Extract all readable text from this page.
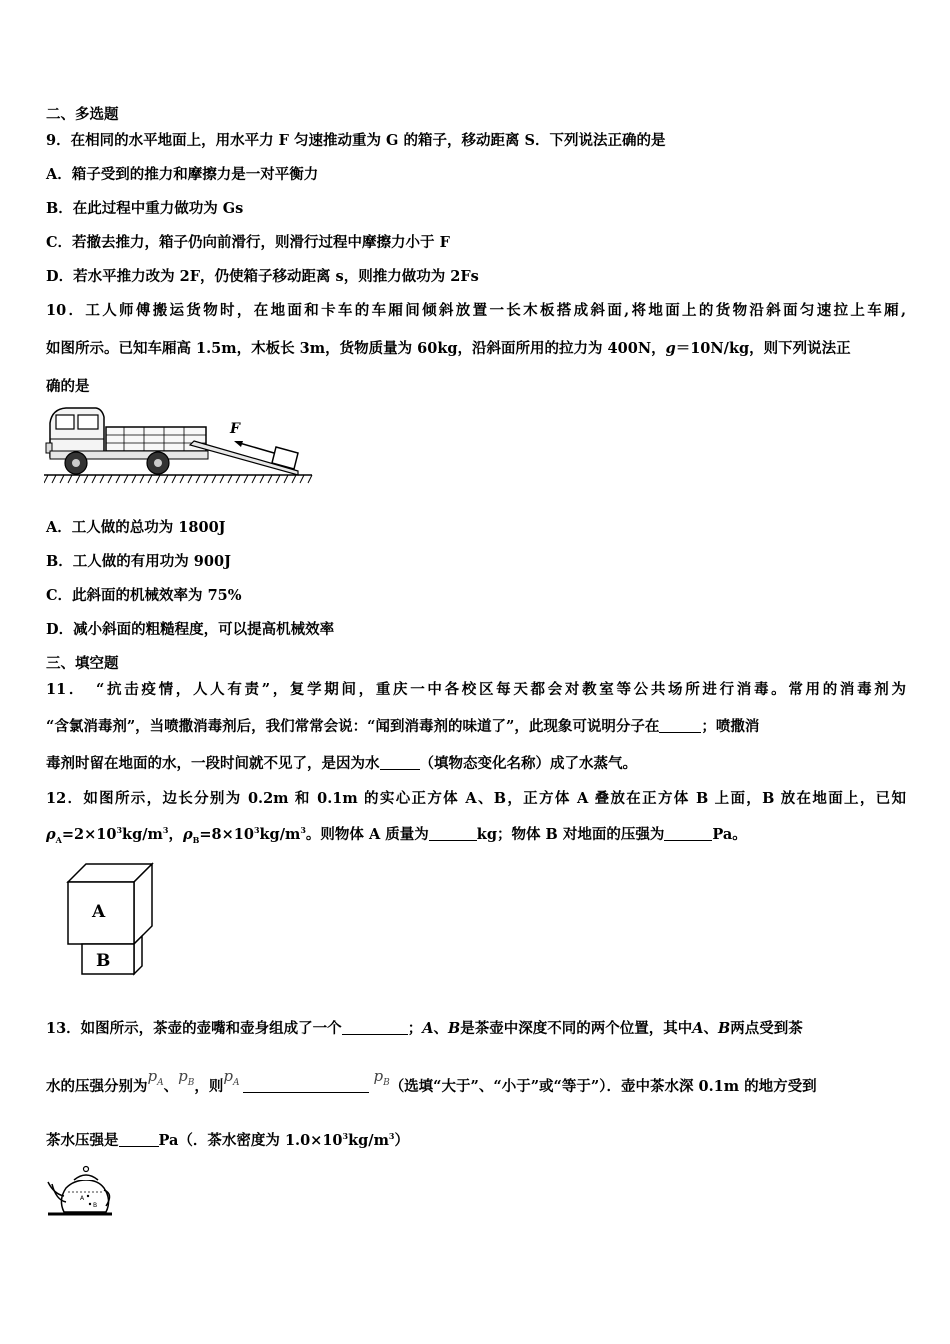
二、多选题
9．在相同的水平地面上，用水平力 F 匀速推动重为 G 的箱子，移动距离 S．下列说法正确的是
A．箱子受到的推力和摩擦力是一对平衡力
B．在此过程中重力做功为 Gs
C．若撤去推力，箱子仍向前滑行，则滑行过程中摩擦力小于 F
D．若水平推力改为 2F，仍使箱子移动距离 s，则推力做功为 2Fs
10．工人师傅搬运货物时，在地面和卡车的车厢间倾斜放置一长木板搭成斜面,将地面上的货物沿斜面匀速拉上车厢,
如图所示。已知车厢高 1.5m，木板长 3m，货物质量为 60kg，沿斜面所用的拉力为 400N，g＝10N/kg，则下列说法正
确的是
F
A．工人做的总功为 1800J
B．工人做的有用功为 900J
C．此斜面的机械效率为 75%
D．减小斜面的粗糙程度，可以提高机械效率
三、填空题
11．　“抗击疫情，人人有责”，复学期间，重庆一中各校区每天都会对教室等公共场所进行消毒。常用的消毒剂为
“含氯消毒剂”，当喷撒消毒剂后，我们常常会说：“闻到消毒剂的味道了”，此现象可说明分子在	；喷撒消
毒剂时留在地面的水，一段时间就不见了，是因为水	（填物态变化名称）成了水蒸气。
12．如图所示，边长分别为 0.2m 和 0.1m 的实心正方体 A、B，正方体 A 叠放在正方体 B 上面，B 放在地面上，已知
$\rho_A=2\times 10^3kg/m^3$，$\rho_B=8\times 10^3kg/m^3$。则物体 A 质量为	kg；物体 B 对地面的压强为	Pa。
A
B
13．如图所示，茶壶的壶嘴和壶身组成了一个	；A、B是茶壶中深度不同的两个位置，其中A、B两点受到茶
水的压强分别为$p_A$、$p_B$，则$p_A$	$p_B$（选填“大于”、“小于”或“等于”）．壶中茶水深 0.1m 的地方受到
茶水压强是	Pa（．茶水密度为 $1.0\times 10^3kg/m^3$）
A
B
